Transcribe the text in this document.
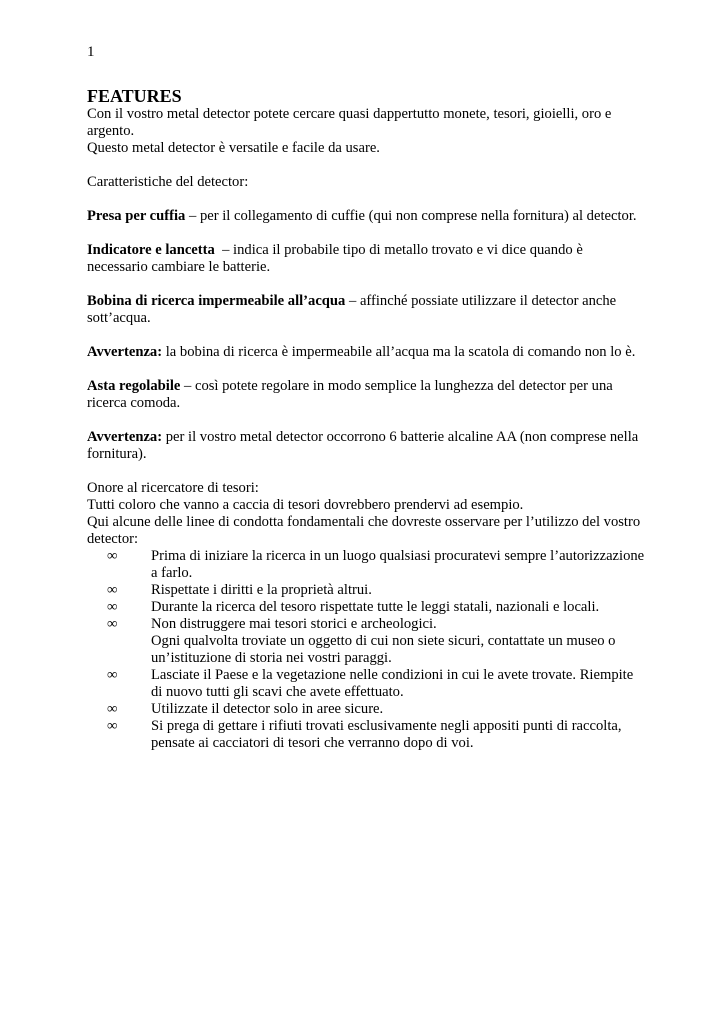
1
FEATURES

Con il vostro metal detector potete cercare quasi dappertutto monete, tesori, gioielli, oro e argento.

Questo metal detector è versatile e facile da usare.

Caratteristiche del detector:

Presa per cuffia – per il collegamento di cuffie (qui non comprese nella fornitura) al detector.

Indicatore e lancetta  – indica il probabile tipo di metallo trovato e vi dice quando è necessario cambiare le batterie.

Bobina di ricerca impermeabile all’acqua – affinché possiate utilizzare il detector anche sott’acqua.

Avvertenza: la bobina di ricerca è impermeabile all’acqua ma la scatola di comando non lo è.

Asta regolabile – così potete regolare in modo semplice la lunghezza del detector per una ricerca comoda.

Avvertenza: per il vostro metal detector occorrono 6 batterie alcaline AA (non comprese nella fornitura).

Onore al ricercatore di tesori:

Tutti coloro che vanno a caccia di tesori dovrebbero prendervi ad esempio.

Qui alcune delle linee di condotta fondamentali che dovreste osservare per l’utilizzo del vostro detector:

∞	Prima di iniziare la ricerca in un luogo qualsiasi procuratevi sempre l’autorizzazione a farlo.
∞	Rispettate i diritti e la proprietà altrui.
∞	Durante la ricerca del tesoro rispettate tutte le leggi statali, nazionali e locali.
∞	Non distruggere mai tesori storici e archeologici.
Ogni qualvolta troviate un oggetto di cui non siete sicuri, contattate un museo o un’istituzione di storia nei vostri paraggi.
∞	Lasciate il Paese e la vegetazione nelle condizioni in cui le avete trovate. Riempite di nuovo tutti gli scavi che avete effettuato.
∞	Utilizzate il detector solo in aree sicure.
∞	Si prega di gettare i rifiuti trovati esclusivamente negli appositi punti di raccolta, pensate ai cacciatori di tesori che verranno dopo di voi.
